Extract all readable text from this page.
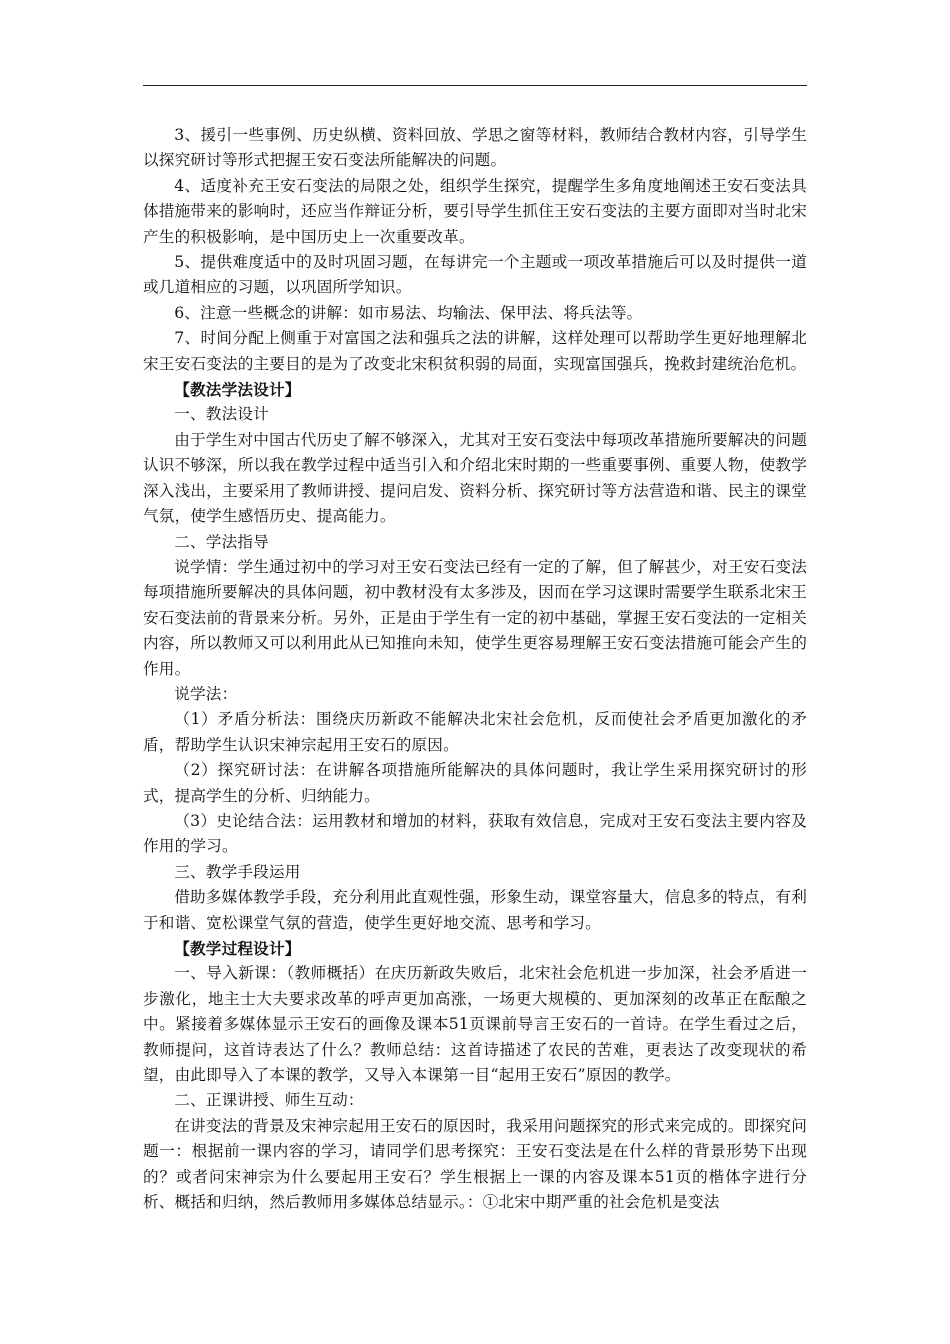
3、援引一些事例、历史纵横、资料回放、学思之窗等材料，教师结合教材内容，引导学生以探究研讨等形式把握王安石变法所能解决的问题。

4、适度补充王安石变法的局限之处，组织学生探究，提醒学生多角度地阐述王安石变法具体措施带来的影响时，还应当作辩证分析，要引导学生抓住王安石变法的主要方面即对当时北宋产生的积极影响，是中国历史上一次重要改革。

5、提供难度适中的及时巩固习题，在每讲完一个主题或一项改革措施后可以及时提供一道或几道相应的习题，以巩固所学知识。

6、注意一些概念的讲解：如市易法、均输法、保甲法、将兵法等。

7、时间分配上侧重于对富国之法和强兵之法的讲解，这样处理可以帮助学生更好地理解北宋王安石变法的主要目的是为了改变北宋积贫积弱的局面，实现富国强兵，挽救封建统治危机。

【教法学法设计】

一、教法设计

由于学生对中国古代历史了解不够深入，尤其对王安石变法中每项改革措施所要解决的问题认识不够深，所以我在教学过程中适当引入和介绍北宋时期的一些重要事例、重要人物，使教学深入浅出，主要采用了教师讲授、提问启发、资料分析、探究研讨等方法营造和谐、民主的课堂气氛，使学生感悟历史、提高能力。

二、学法指导

说学情：学生通过初中的学习对王安石变法已经有一定的了解，但了解甚少，对王安石变法每项措施所要解决的具体问题，初中教材没有太多涉及，因而在学习这课时需要学生联系北宋王安石变法前的背景来分析。另外，正是由于学生有一定的初中基础，掌握王安石变法的一定相关内容，所以教师又可以利用此从已知推向未知，使学生更容易理解王安石变法措施可能会产生的作用。

说学法：

（1）矛盾分析法：围绕庆历新政不能解决北宋社会危机，反而使社会矛盾更加激化的矛盾，帮助学生认识宋神宗起用王安石的原因。

（2）探究研讨法：在讲解各项措施所能解决的具体问题时，我让学生采用探究研讨的形式，提高学生的分析、归纳能力。

（3）史论结合法：运用教材和增加的材料，获取有效信息，完成对王安石变法主要内容及作用的学习。

三、教学手段运用

借助多媒体教学手段，充分利用此直观性强，形象生动，课堂容量大，信息多的特点，有利于和谐、宽松课堂气氛的营造，使学生更好地交流、思考和学习。

【教学过程设计】

一、导入新课：（教师概括）在庆历新政失败后，北宋社会危机进一步加深，社会矛盾进一步激化，地主士大夫要求改革的呼声更加高涨，一场更大规模的、更加深刻的改革正在酝酿之中。紧接着多媒体显示王安石的画像及课本51页课前导言王安石的一首诗。在学生看过之后，教师提问，这首诗表达了什么？教师总结：这首诗描述了农民的苦难，更表达了改变现状的希望，由此即导入了本课的教学，又导入本课第一目“起用王安石”原因的教学。

二、正课讲授、师生互动：

在讲变法的背景及宋神宗起用王安石的原因时，我采用问题探究的形式来完成的。即探究问题一：根据前一课内容的学习，请同学们思考探究：王安石变法是在什么样的背景形势下出现的？或者问宋神宗为什么要起用王安石？学生根据上一课的内容及课本51页的楷体字进行分析、概括和归纳，然后教师用多媒体总结显示。：①北宋中期严重的社会危机是变法
